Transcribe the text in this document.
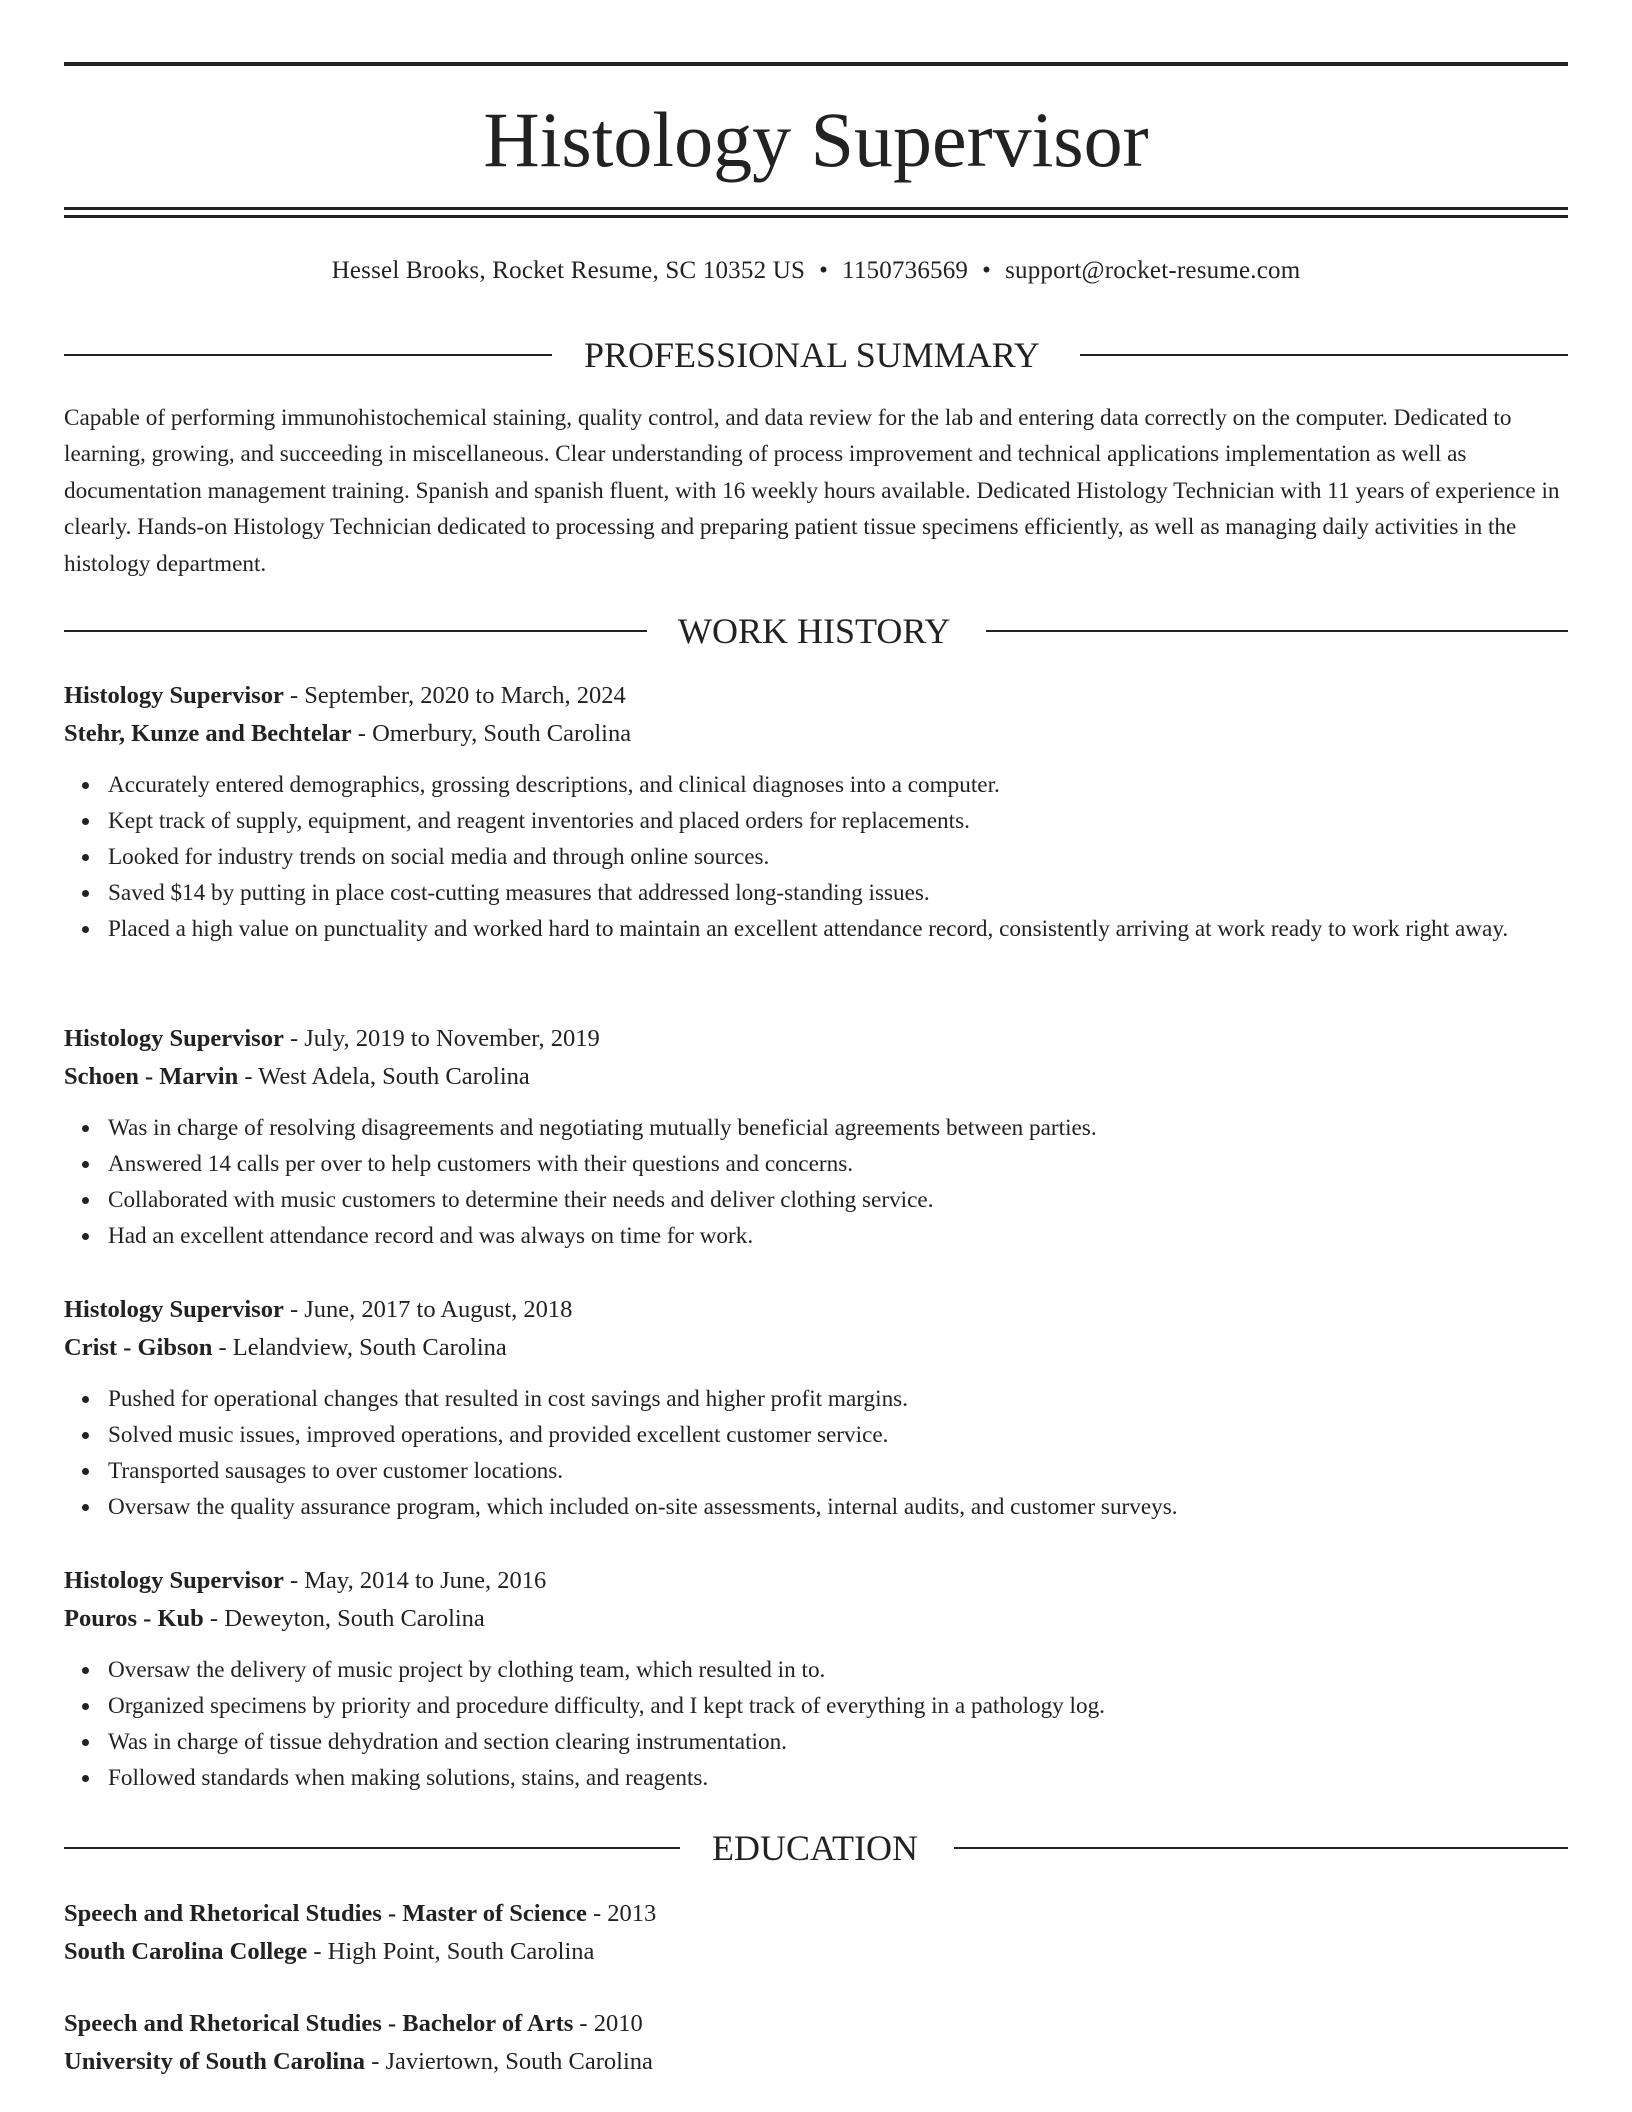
Histology Supervisor
Hessel Brooks, Rocket Resume, SC 10352 US • 1150736569 • support@rocket-resume.com
PROFESSIONAL SUMMARY

Capable of performing immunohistochemical staining, quality control, and data review for the lab and entering data correctly on the computer. Dedicated to learning, growing, and succeeding in miscellaneous. Clear understanding of process improvement and technical applications implementation as well as documentation management training. Spanish and spanish fluent, with 16 weekly hours available. Dedicated Histology Technician with 11 years of experience in clearly. Hands-on Histology Technician dedicated to processing and preparing patient tissue specimens efficiently, as well as managing daily activities in the histology department.

WORK HISTORY
Histology Supervisor - September, 2020 to March, 2024
Stehr, Kunze and Bechtelar - Omerbury, South Carolina
Accurately entered demographics, grossing descriptions, and clinical diagnoses into a computer.
Kept track of supply, equipment, and reagent inventories and placed orders for replacements.
Looked for industry trends on social media and through online sources.
Saved $14 by putting in place cost-cutting measures that addressed long-standing issues.
Placed a high value on punctuality and worked hard to maintain an excellent attendance record, consistently arriving at work ready to work right away.
Histology Supervisor - July, 2019 to November, 2019
Schoen - Marvin - West Adela, South Carolina
Was in charge of resolving disagreements and negotiating mutually beneficial agreements between parties.
Answered 14 calls per over to help customers with their questions and concerns.
Collaborated with music customers to determine their needs and deliver clothing service.
Had an excellent attendance record and was always on time for work.
Histology Supervisor - June, 2017 to August, 2018
Crist - Gibson - Lelandview, South Carolina
Pushed for operational changes that resulted in cost savings and higher profit margins.
Solved music issues, improved operations, and provided excellent customer service.
Transported sausages to over customer locations.
Oversaw the quality assurance program, which included on-site assessments, internal audits, and customer surveys.
Histology Supervisor - May, 2014 to June, 2016
Pouros - Kub - Deweyton, South Carolina
Oversaw the delivery of music project by clothing team, which resulted in to.
Organized specimens by priority and procedure difficulty, and I kept track of everything in a pathology log.
Was in charge of tissue dehydration and section clearing instrumentation.
Followed standards when making solutions, stains, and reagents.
EDUCATION
Speech and Rhetorical Studies - Master of Science - 2013
South Carolina College - High Point, South Carolina
Speech and Rhetorical Studies - Bachelor of Arts - 2010
University of South Carolina - Javiertown, South Carolina
